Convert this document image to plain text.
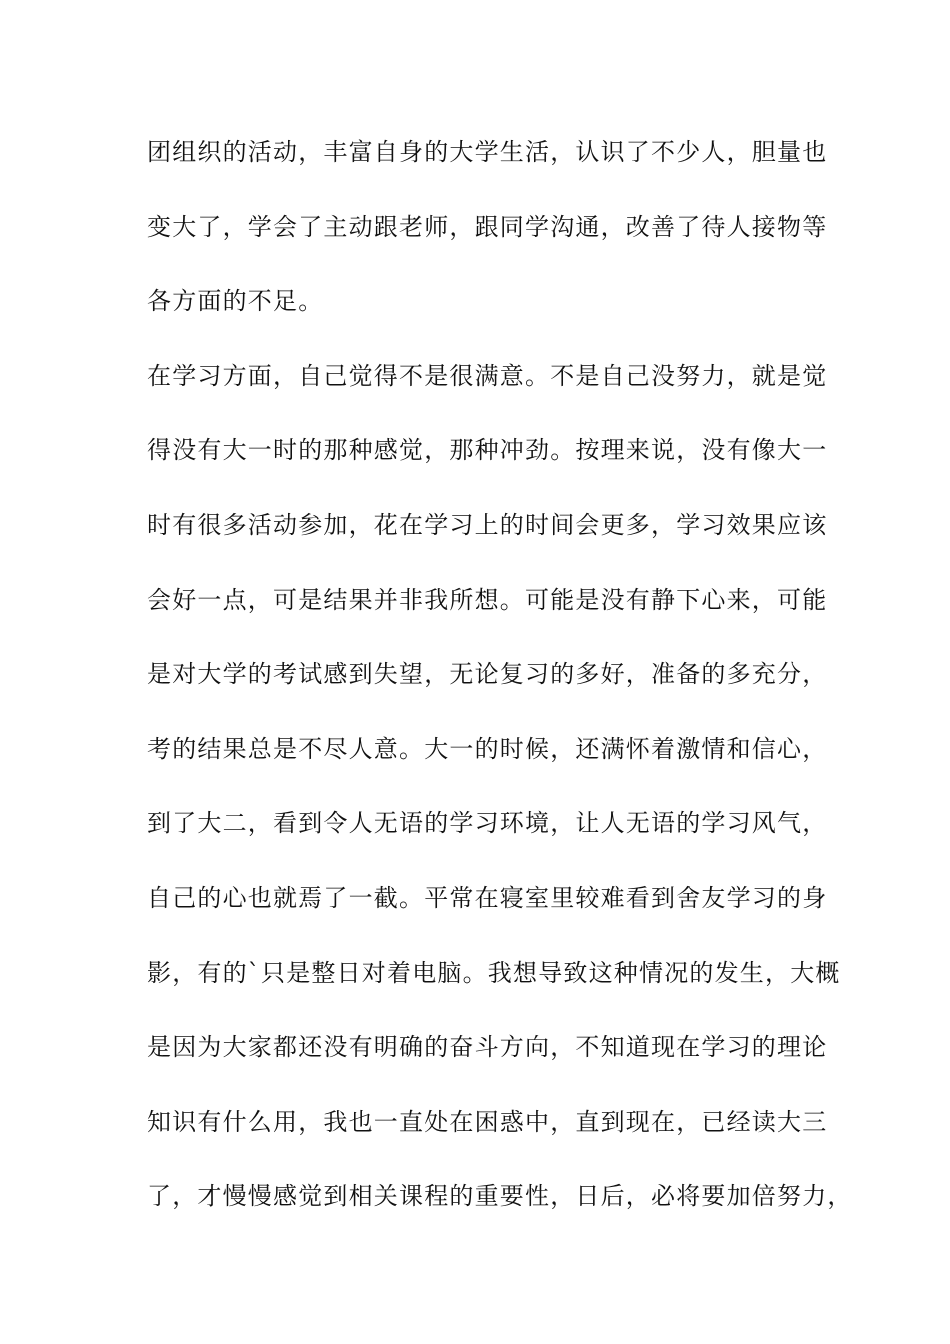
团组织的活动，丰富自身的大学生活，认识了不少人，胆量也
变大了，学会了主动跟老师，跟同学沟通，改善了待人接物等
各方面的不足。
在学习方面，自己觉得不是很满意。不是自己没努力，就是觉
得没有大一时的那种感觉，那种冲劲。按理来说，没有像大一
时有很多活动参加，花在学习上的时间会更多，学习效果应该
会好一点，可是结果并非我所想。可能是没有静下心来，可能
是对大学的考试感到失望，无论复习的多好，准备的多充分，
考的结果总是不尽人意。大一的时候，还满怀着激情和信心，
到了大二，看到令人无语的学习环境，让人无语的学习风气，
自己的心也就焉了一截。平常在寝室里较难看到舍友学习的身
影，有的`只是整日对着电脑。我想导致这种情况的发生，大概
是因为大家都还没有明确的奋斗方向，不知道现在学习的理论
知识有什么用，我也一直处在困惑中，直到现在，已经读大三
了，才慢慢感觉到相关课程的重要性，日后，必将要加倍努力，
